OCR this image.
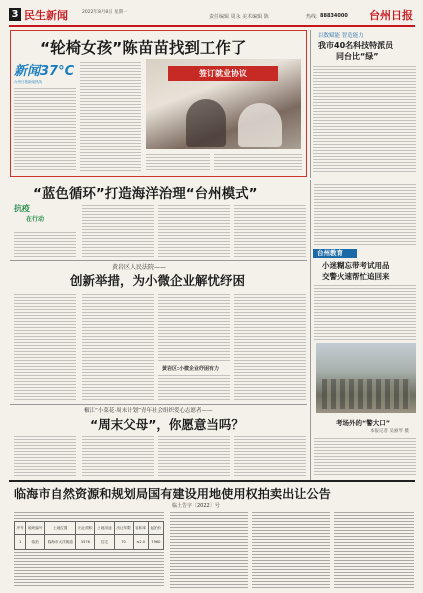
3 民生新闻	2022年8月8日 星期一
责任编辑 周永 美术编辑 陈	热线: 88834000 台州日报
“轮椅女孩”陈苗苗找到工作了
新闻37°C
台州日报新闻热线
签订就业协议
以数赋能 智造能力
我市40名科技特派员
同台比“绿”
“蓝色循环”打造海洋治理“台州模式”
抗疫
在行动
黄岩区人民法院——
创新举措，为小微企业解忧纾困
黄岩区:小微企业纾困有力
椒江“小菜花·周末计划”青年社会组织爱心志愿者——
“周末父母”，你愿意当吗？
台州教育
小迷糊忘带考试用品
交警火速帮忙追回来
考场外的“警大口”
本报记者 吴丽琴 摄
临海市自然资源和规划局国有建设用地使用权拍卖出让公告
临土告字〔2022〕号
序号	地块编号	土地位置	出让面积	土地用途	出让年限	容积率	起拍价
1	临拍	临海市大洋街道	3376	住宅	70	≤2.0	7960
